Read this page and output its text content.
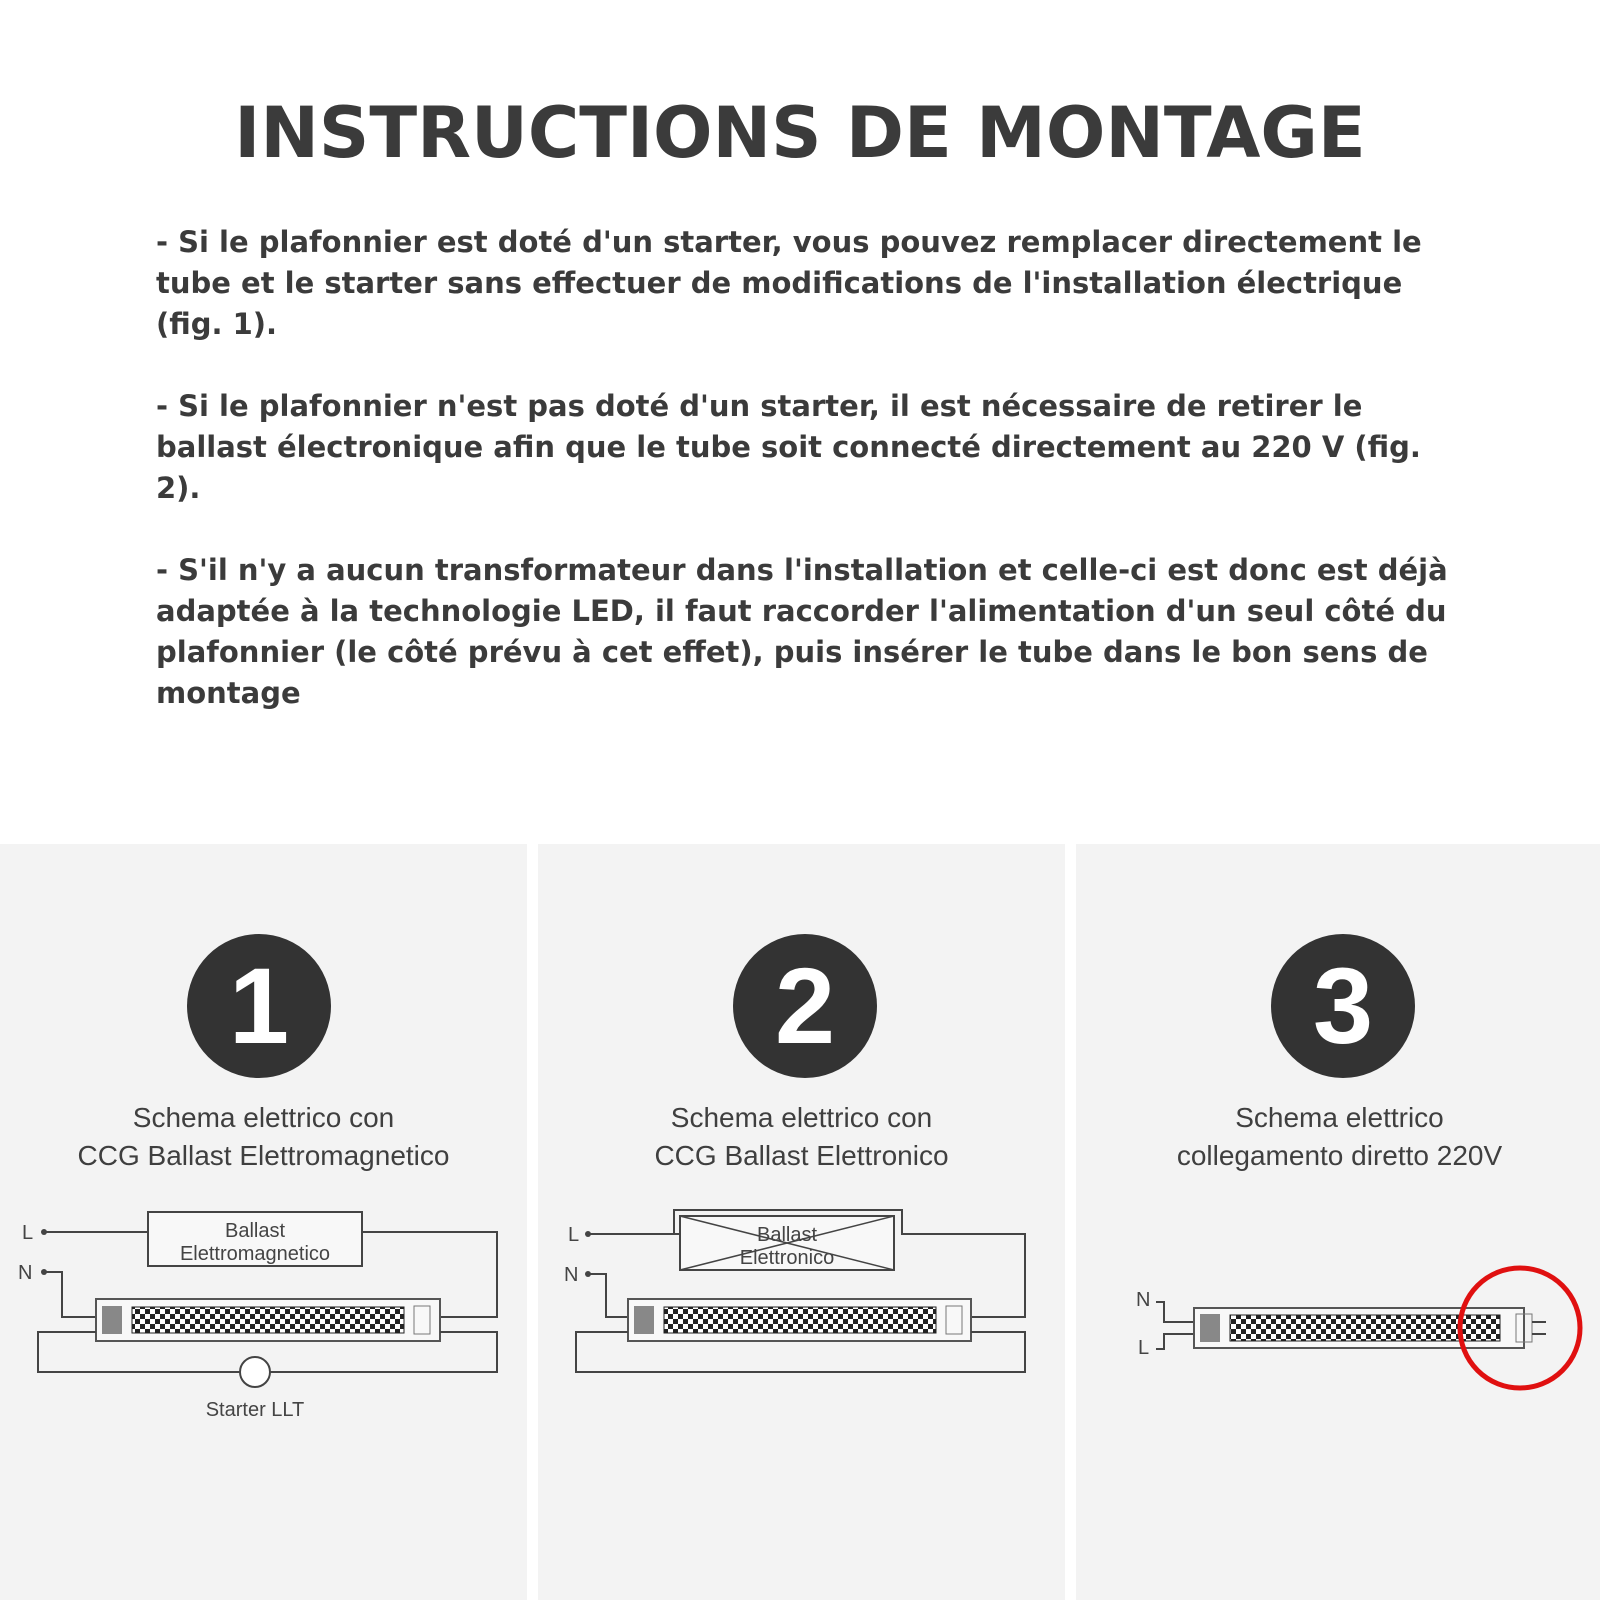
INSTRUCTIONS DE MONTAGE

- Si le plafonnier est doté d'un starter, vous pouvez remplacer directement le tube et le starter sans effectuer de modifications de l'installation électrique (fig. 1).

- Si le plafonnier n'est pas doté d'un starter, il est nécessaire de retirer le ballast électronique afin que le tube soit connecté directement au 220 V (fig. 2).

- S'il n'y a aucun transformateur dans l'installation et celle-ci est donc est déjà adaptée à la technologie LED, il faut raccorder l'alimentation d'un seul côté du plafonnier (le côté prévu à cet effet), puis insérer le tube dans le bon sens de montage

1
Schema elettrico con
CCG Ballast Elettromagnetico
L
N
Ballast
Elettromagnetico
Starter LLT
2
Schema elettrico con
CCG Ballast Elettronico
L
N
Ballast
Elettronico
3
Schema elettrico
collegamento diretto 220V
N
L
